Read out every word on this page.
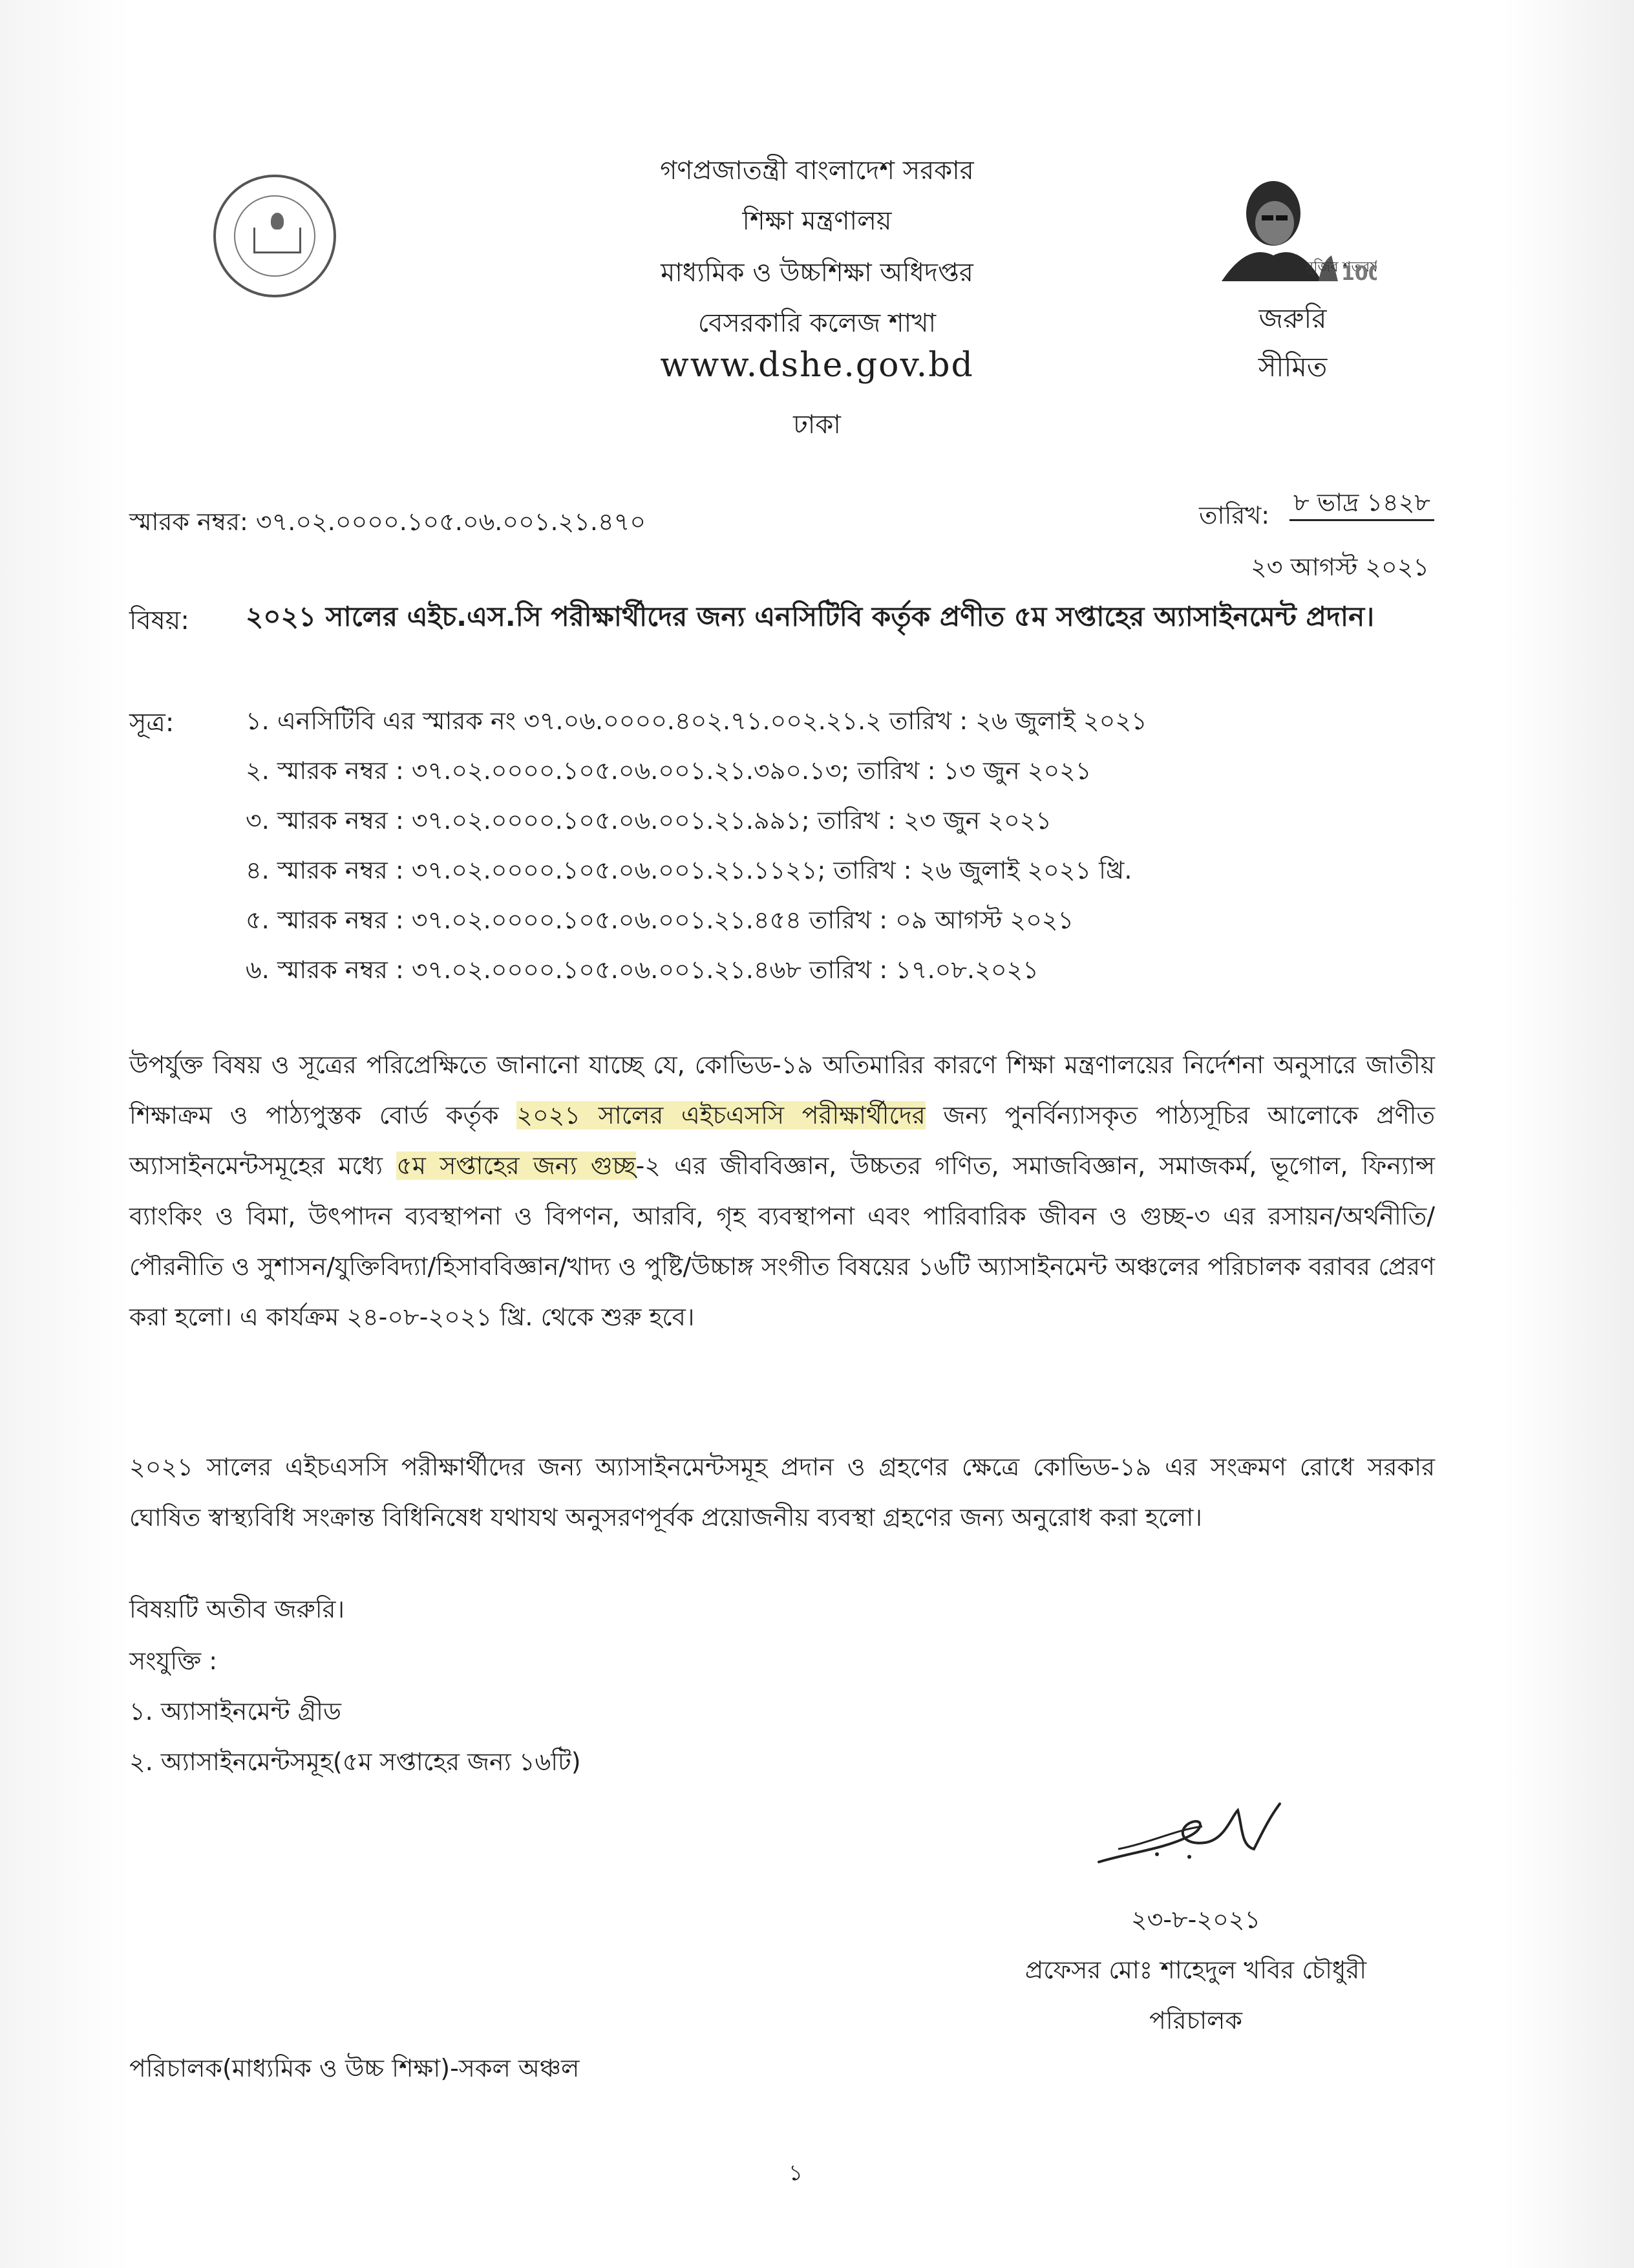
গণপ্রজাতন্ত্রী বাংলাদেশ সরকার
শিক্ষা মন্ত্রণালয়
মাধ্যমিক ও উচ্চশিক্ষা অধিদপ্তর
বেসরকারি কলেজ শাখা
www.dshe.gov.bd
ঢাকা
মুজিব শতবর্ষ
100
জরুরি
সীমিত
স্মারক নম্বর: ৩৭.০২.০০০০.১০৫.০৬.০০১.২১.৪৭০	তারিখ: ৮ ভাদ্র ১৪২৮
২৩ আগস্ট ২০২১
বিষয়: ২০২১ সালের এইচ.এস.সি পরীক্ষার্থীদের জন্য এনসিটিবি কর্তৃক প্রণীত ৫ম সপ্তাহের অ্যাসাইনমেন্ট প্রদান।
সূত্র:	১. এনসিটিবি এর স্মারক নং ৩৭.০৬.০০০০.৪০২.৭১.০০২.২১.২ তারিখ : ২৬ জুলাই ২০২১
২. স্মারক নম্বর : ৩৭.০২.০০০০.১০৫.০৬.০০১.২১.৩৯০.১৩; তারিখ : ১৩ জুন ২০২১
৩. স্মারক নম্বর : ৩৭.০২.০০০০.১০৫.০৬.০০১.২১.৯৯১; তারিখ : ২৩ জুন ২০২১
৪. স্মারক নম্বর : ৩৭.০২.০০০০.১০৫.০৬.০০১.২১.১১২১; তারিখ : ২৬ জুলাই ২০২১ খ্রি.
৫. স্মারক নম্বর : ৩৭.০২.০০০০.১০৫.০৬.০০১.২১.৪৫৪ তারিখ : ০৯ আগস্ট ২০২১
৬. স্মারক নম্বর : ৩৭.০২.০০০০.১০৫.০৬.০০১.২১.৪৬৮ তারিখ : ১৭.০৮.২০২১
উপর্যুক্ত বিষয় ও সূত্রের পরিপ্রেক্ষিতে জানানো যাচ্ছে যে, কোভিড-১৯ অতিমারির কারণে শিক্ষা মন্ত্রণালয়ের নির্দেশনা অনুসারে জাতীয় শিক্ষাক্রম ও পাঠ্যপুস্তক বোর্ড কর্তৃক ২০২১ সালের এইচএসসি পরীক্ষার্থীদের জন্য পুনর্বিন্যাসকৃত পাঠ্যসূচির আলোকে প্রণীত অ্যাসাইনমেন্টসমূহের মধ্যে ৫ম সপ্তাহের জন্য গুচ্ছ-২ এর জীববিজ্ঞান, উচ্চতর গণিত, সমাজবিজ্ঞান, সমাজকর্ম, ভূগোল, ফিন্যান্স ব্যাংকিং ও বিমা, উৎপাদন ব্যবস্থাপনা ও বিপণন, আরবি, গৃহ ব্যবস্থাপনা এবং পারিবারিক জীবন ও গুচ্ছ-৩ এর রসায়ন/অর্থনীতি/পৌরনীতি ও সুশাসন/যুক্তিবিদ্যা/হিসাববিজ্ঞান/খাদ্য ও পুষ্টি/উচ্চাঙ্গ সংগীত বিষয়ের ১৬টি অ্যাসাইনমেন্ট অঞ্চলের পরিচালক বরাবর প্রেরণ করা হলো। এ কার্যক্রম ২৪-০৮-২০২১ খ্রি. থেকে শুরু হবে।
২০২১ সালের এইচএসসি পরীক্ষার্থীদের জন্য অ্যাসাইনমেন্টসমূহ প্রদান ও গ্রহণের ক্ষেত্রে কোভিড-১৯ এর সংক্রমণ রোধে সরকার ঘোষিত স্বাস্থ্যবিধি সংক্রান্ত বিধিনিষেধ যথাযথ অনুসরণপূর্বক প্রয়োজনীয় ব্যবস্থা গ্রহণের জন্য অনুরোধ করা হলো।
বিষয়টি অতীব জরুরি।
সংযুক্তি :
১. অ্যাসাইনমেন্ট গ্রীড
২. অ্যাসাইনমেন্টসমূহ(৫ম সপ্তাহের জন্য ১৬টি)
২৩-৮-২০২১
প্রফেসর মোঃ শাহেদুল খবির চৌধুরী
পরিচালক
পরিচালক(মাধ্যমিক ও উচ্চ শিক্ষা)-সকল অঞ্চল
১
